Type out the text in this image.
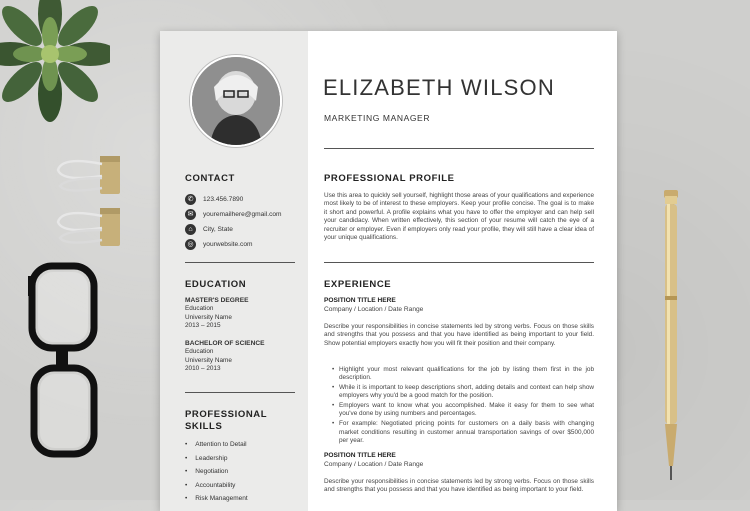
ELIZABETH WILSON
MARKETING MANAGER
CONTACT
✆	123.456.7890
✉	youremailhere@gmail.com
⌂	City, State
◎	yourwebsite.com
EDUCATION
MASTER'S DEGREE
Education
University Name
2013 – 2015
BACHELOR OF SCIENCE
Education
University Name
2010 – 2013
PROFESSIONAL
SKILLS
• Attention to Detail
• Leadership
• Negotiation
• Accountability
• Risk Management
PROFESSIONAL PROFILE

Use this area to quickly sell yourself, highlight those areas of your qualifications and experience most likely to be of interest to these employers. Keep your profile concise. The goal is to make it short and powerful. A profile explains what you have to offer the employer and can help sell your candidacy. When written effectively, this section of your resume will catch the eye of a recruiter or employer. Even if employers only read your profile, they will still have a clear idea of your unique qualifications.

EXPERIENCE
POSITION TITLE HERE
Company / Location / Date Range

Describe your responsibilities in concise statements led by strong verbs. Focus on those skills and strengths that you possess and that you have identified as being important to your field. Show potential employers exactly how you will fit their position and their company.

• Highlight your most relevant qualifications for the job by listing them first in the job description.
• While it is important to keep descriptions short, adding details and context can help show employers why you'd be a good match for the position.
• Employers want to know what you accomplished. Make it easy for them to see what you've done by using numbers and percentages.
• For example: Negotiated pricing points for customers on a daily basis with changing market conditions resulting in customer annual transportation savings of over $500,000 per year.
POSITION TITLE HERE
Company / Location / Date Range

Describe your responsibilities in concise statements led by strong verbs. Focus on those skills and strengths that you possess and that you have identified as being important to your field.
